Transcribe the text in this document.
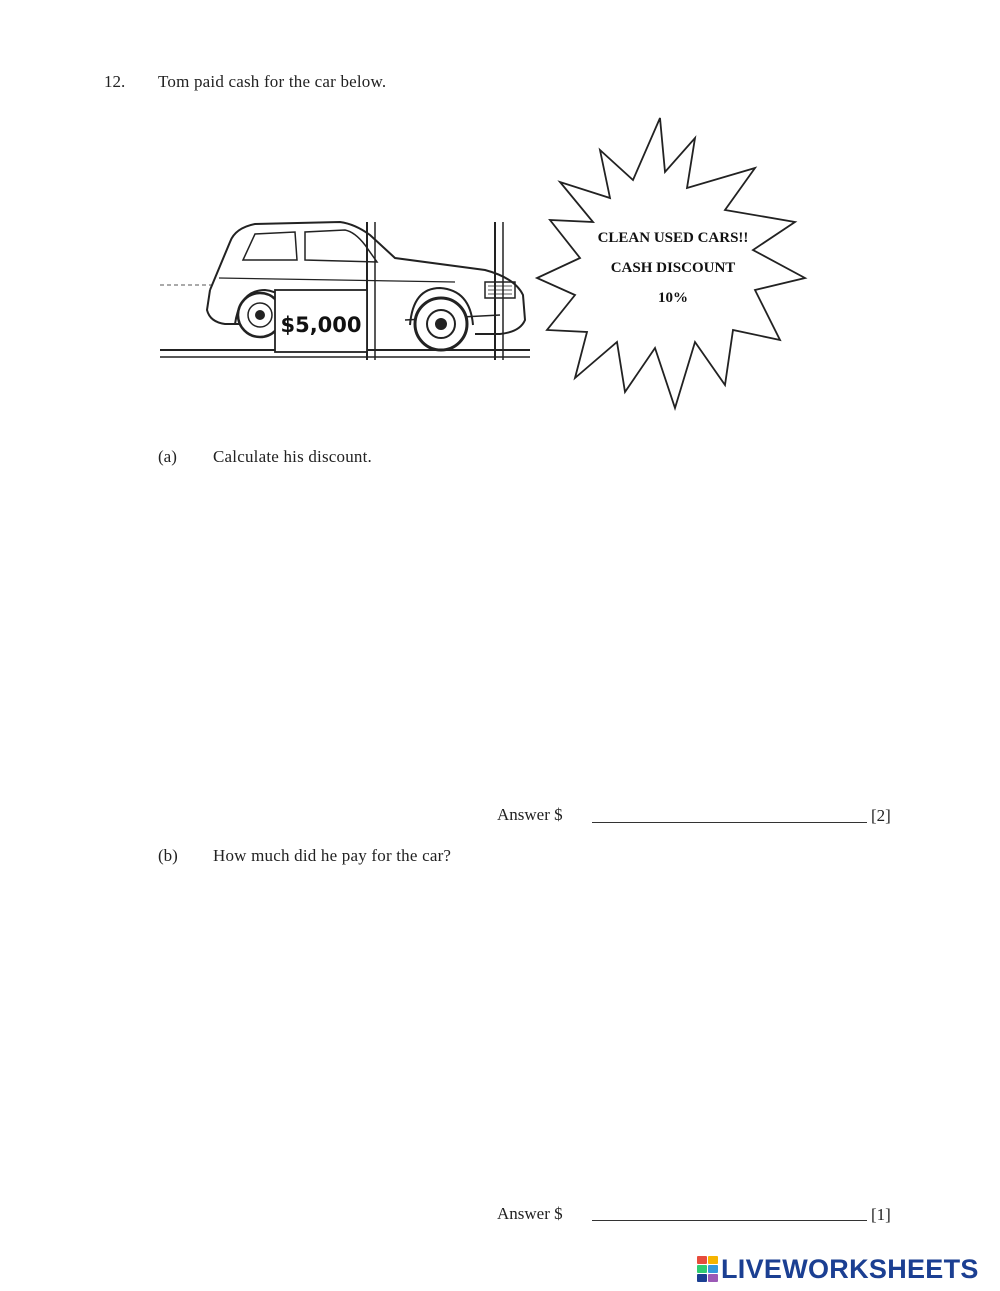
12. Tom paid cash for the car below.
$5,000
CLEAN USED CARS!!
CASH DISCOUNT
10%
(a) Calculate his discount.
Answer $	[2]
(b) How much did he pay for the car?
Answer $	[1]
LIVEWORKSHEETS
